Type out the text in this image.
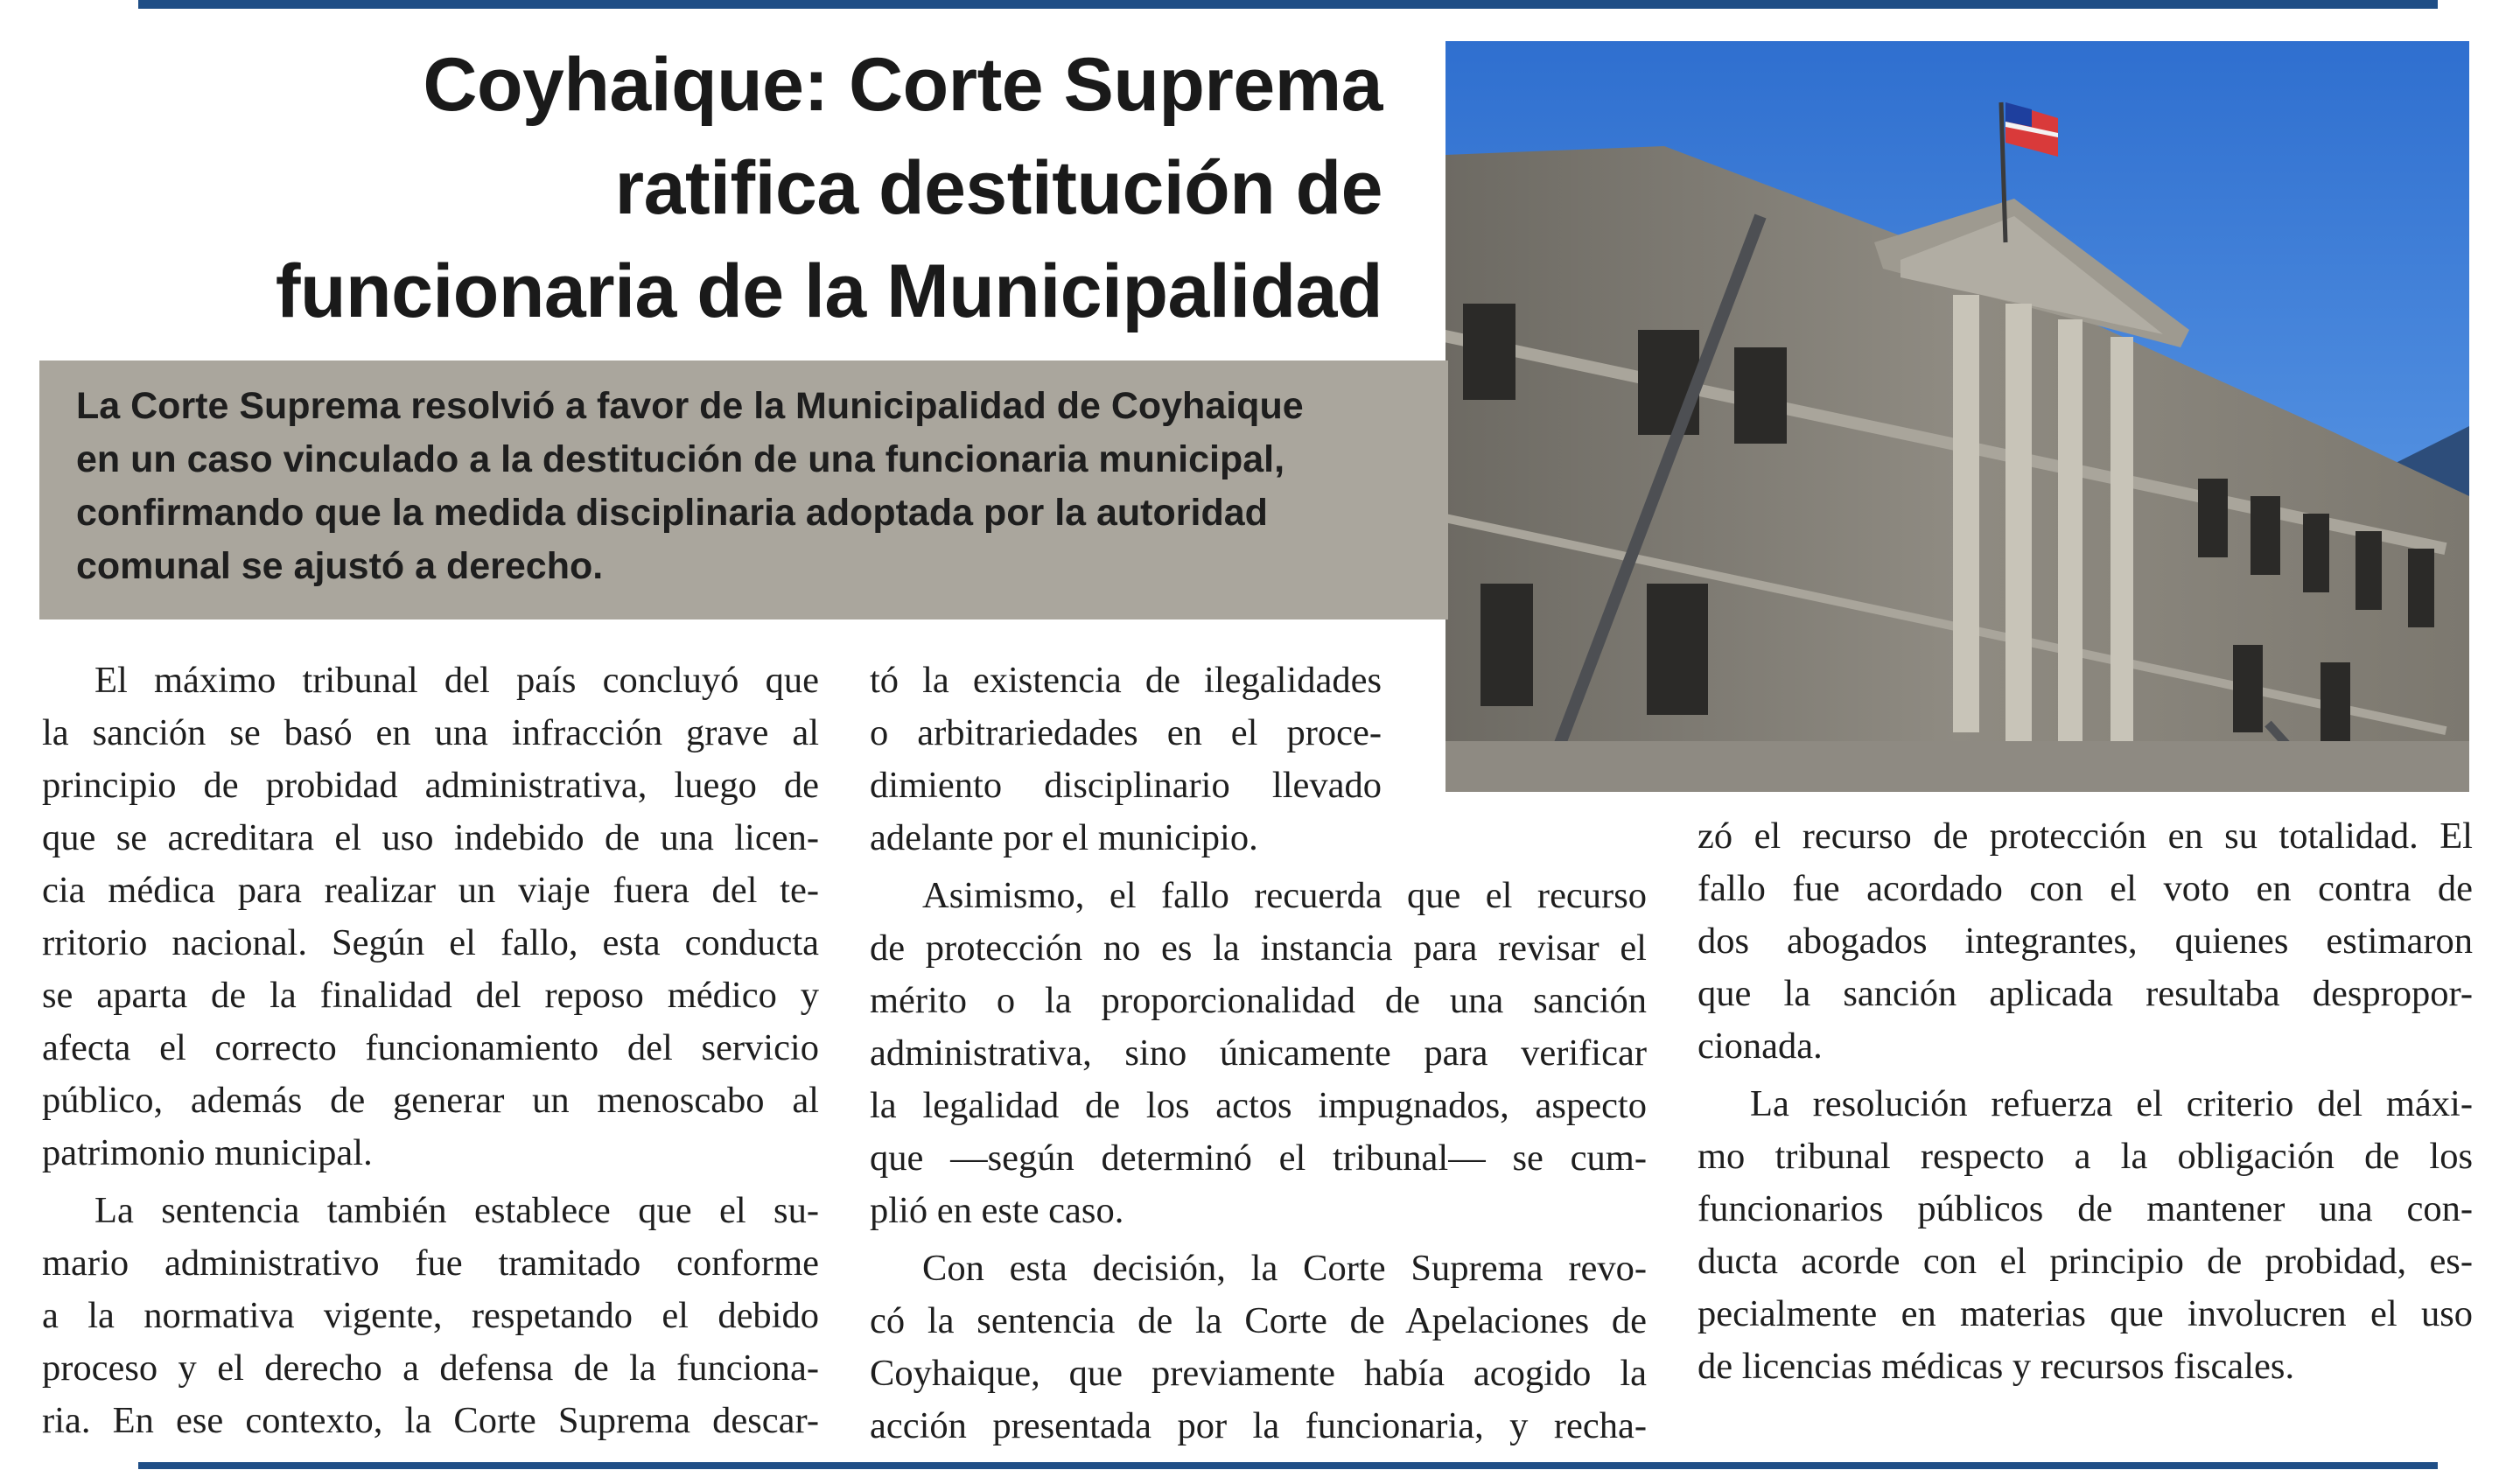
Coyhaique: Corte Suprema
ratifica destitución de
funcionaria de la Municipalidad

La Corte Suprema resolvió a favor de la Municipalidad de Coyhaique
en un caso vinculado a la destitución de una funcionaria municipal,
confirmando que la medida disciplinaria adoptada por la autoridad
comunal se ajustó a derecho.

El máximo tribunal del país concluyó que
la sanción se basó en una infracción grave al
principio de probidad administrativa, luego de
que se acreditara el uso indebido de una licen-
cia médica para realizar un viaje fuera del te-
rritorio nacional. Según el fallo, esta conducta
se aparta de la finalidad del reposo médico y
afecta el correcto funcionamiento del servicio
público, además de generar un menoscabo al
patrimonio municipal.

La sentencia también establece que el su-
mario administrativo fue tramitado conforme
a la normativa vigente, respetando el debido
proceso y el derecho a defensa de la funciona-
ria. En ese contexto, la Corte Suprema descar-

tó la existencia de ilegalidades
o arbitrariedades en el proce-
dimiento disciplinario llevado
adelante por el municipio.

Asimismo, el fallo recuerda que el recurso
de protección no es la instancia para revisar el
mérito o la proporcionalidad de una sanción
administrativa, sino únicamente para verificar
la legalidad de los actos impugnados, aspecto
que —según determinó el tribunal— se cum-
plió en este caso.

Con esta decisión, la Corte Suprema revo-
có la sentencia de la Corte de Apelaciones de
Coyhaique, que previamente había acogido la
acción presentada por la funcionaria, y recha-

zó el recurso de protección en su totalidad. El
fallo fue acordado con el voto en contra de
dos abogados integrantes, quienes estimaron
que la sanción aplicada resultaba despropor-
cionada.

La resolución refuerza el criterio del máxi-
mo tribunal respecto a la obligación de los
funcionarios públicos de mantener una con-
ducta acorde con el principio de probidad, es-
pecialmente en materias que involucren el uso
de licencias médicas y recursos fiscales.
